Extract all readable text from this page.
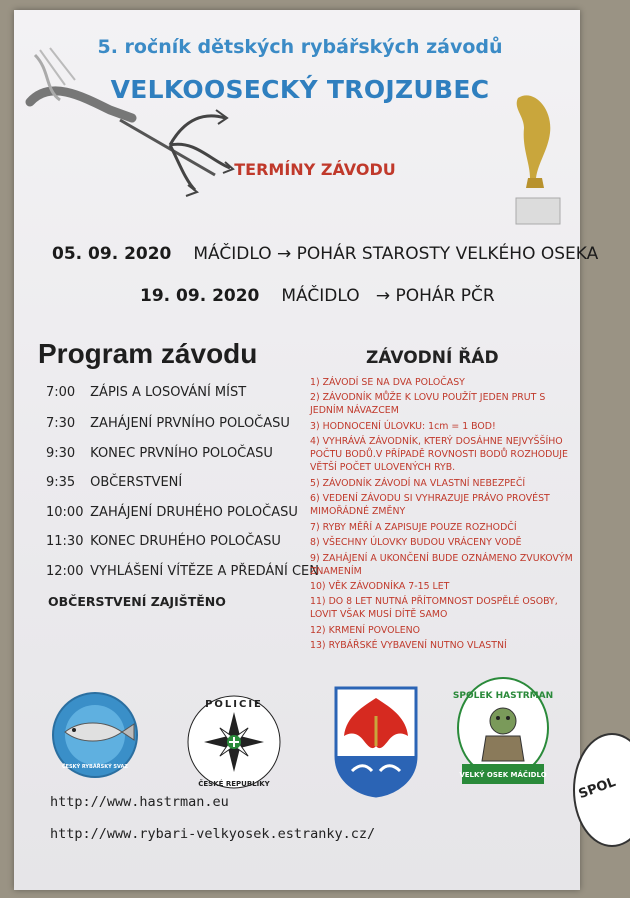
5. ročník dětských rybářských závodů
VELKOOSECKÝ TROJZUBEC
TERMÍNY ZÁVODU
05. 09. 2020 MÁČIDLO → POHÁR STAROSTY VELKÉHO OSEKA
19. 09. 2020 MÁČIDLO   → POHÁR PČR
Program závodu
7:00 ZÁPIS A LOSOVÁNÍ MÍST
7:30 ZAHÁJENÍ PRVNÍHO POLOČASU
9:30 KONEC PRVNÍHO POLOČASU
9:35 OBČERSTVENÍ
10:00 ZAHÁJENÍ DRUHÉHO POLOČASU
11:30 KONEC DRUHÉHO POLOČASU
12:00 VYHLÁŠENÍ VÍTĚZE A PŘEDÁNÍ CEN
OBČERSTVENÍ ZAJIŠTĚNO
ZÁVODNÍ ŘÁD
1) ZÁVODÍ SE NA DVA POLOČASY
2) ZÁVODNÍK MŮŽE K LOVU POUŽÍT JEDEN PRUT S JEDNÍM NÁVAZCEM
3) HODNOCENÍ ÚLOVKU: 1cm = 1 BOD!
4) VYHRÁVÁ ZÁVODNÍK, KTERÝ DOSÁHNE NEJVYŠŠÍHO POČTU BODŮ.V PŘÍPADĚ ROVNOSTI BODŮ ROZHODUJE VĚTŠÍ POČET ULOVENÝCH RYB.
5) ZÁVODNÍK ZÁVODÍ NA VLASTNÍ NEBEZPEČÍ
6) VEDENÍ ZÁVODU SI VYHRAZUJE PRÁVO PROVÉST MIMOŘÁDNÉ ZMĚNY
7) RYBY MĚŘÍ A ZAPISUJE POUZE ROZHODČÍ
8) VŠECHNY ÚLOVKY BUDOU VRÁCENY VODĚ
9) ZAHÁJENÍ A UKONČENÍ BUDE OZNÁMENO ZVUKOVÝM ZNAMENÍM
10) VĚK ZÁVODNÍKA 7-15 LET
11) DO 8 LET NUTNÁ PŘÍTOMNOST DOSPĚLÉ OSOBY, LOVIT VŠAK MUSÍ DÍTĚ SAMO
12) KRMENÍ POVOLENO
13) RYBÁŘSKÉ VYBAVENÍ NUTNO VLASTNÍ
ČESKÝ RYBÁŘSKÝ SVAZ
POLICIE
ČESKÉ REPUBLIKY
SPOLEK HASTRMAN
VELKÝ OSEK MÁČIDLO SPOL
http://www.hastrman.eu
http://www.rybari-velkyosek.estranky.cz/
